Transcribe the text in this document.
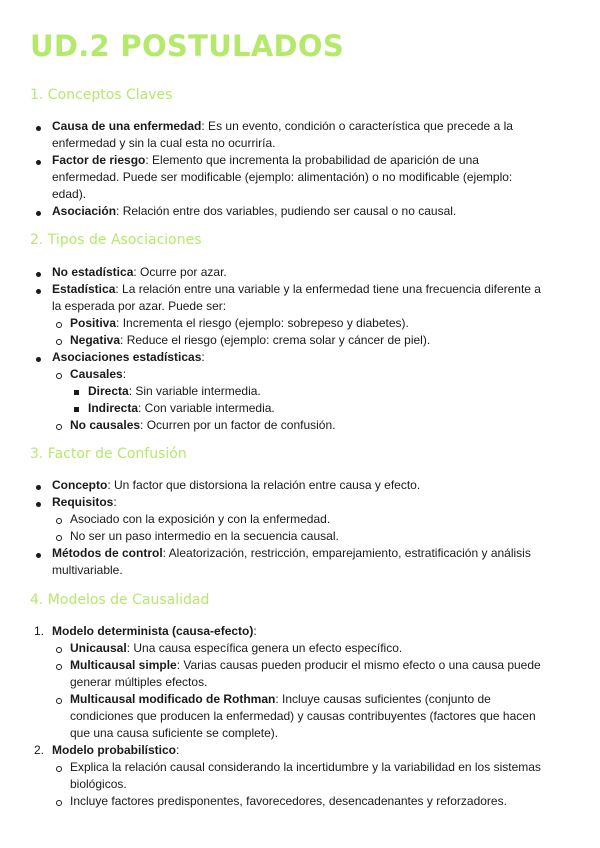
UD.2 POSTULADOS
1. Conceptos Claves
Causa de una enfermedad: Es un evento, condición o característica que precede a la
enfermedad y sin la cual esta no ocurriría.
Factor de riesgo: Elemento que incrementa la probabilidad de aparición de una
enfermedad. Puede ser modificable (ejemplo: alimentación) o no modificable (ejemplo:
edad).
Asociación: Relación entre dos variables, pudiendo ser causal o no causal.
2. Tipos de Asociaciones
No estadística: Ocurre por azar.
Estadística: La relación entre una variable y la enfermedad tiene una frecuencia diferente a
la esperada por azar. Puede ser:
Positiva: Incrementa el riesgo (ejemplo: sobrepeso y diabetes).
Negativa: Reduce el riesgo (ejemplo: crema solar y cáncer de piel).
Asociaciones estadísticas:
Causales:
Directa: Sin variable intermedia.
Indirecta: Con variable intermedia.
No causales: Ocurren por un factor de confusión.
3. Factor de Confusión
Concepto: Un factor que distorsiona la relación entre causa y efecto.
Requisitos:
Asociado con la exposición y con la enfermedad.
No ser un paso intermedio en la secuencia causal.
Métodos de control: Aleatorización, restricción, emparejamiento, estratificación y análisis
multivariable.
4. Modelos de Causalidad
1. Modelo determinista (causa-efecto):
Unicausal: Una causa específica genera un efecto específico.
Multicausal simple: Varias causas pueden producir el mismo efecto o una causa puede
generar múltiples efectos.
Multicausal modificado de Rothman: Incluye causas suficientes (conjunto de
condiciones que producen la enfermedad) y causas contribuyentes (factores que hacen
que una causa suficiente se complete).
2. Modelo probabilístico:
Explica la relación causal considerando la incertidumbre y la variabilidad en los sistemas
biológicos.
Incluye factores predisponentes, favorecedores, desencadenantes y reforzadores.
